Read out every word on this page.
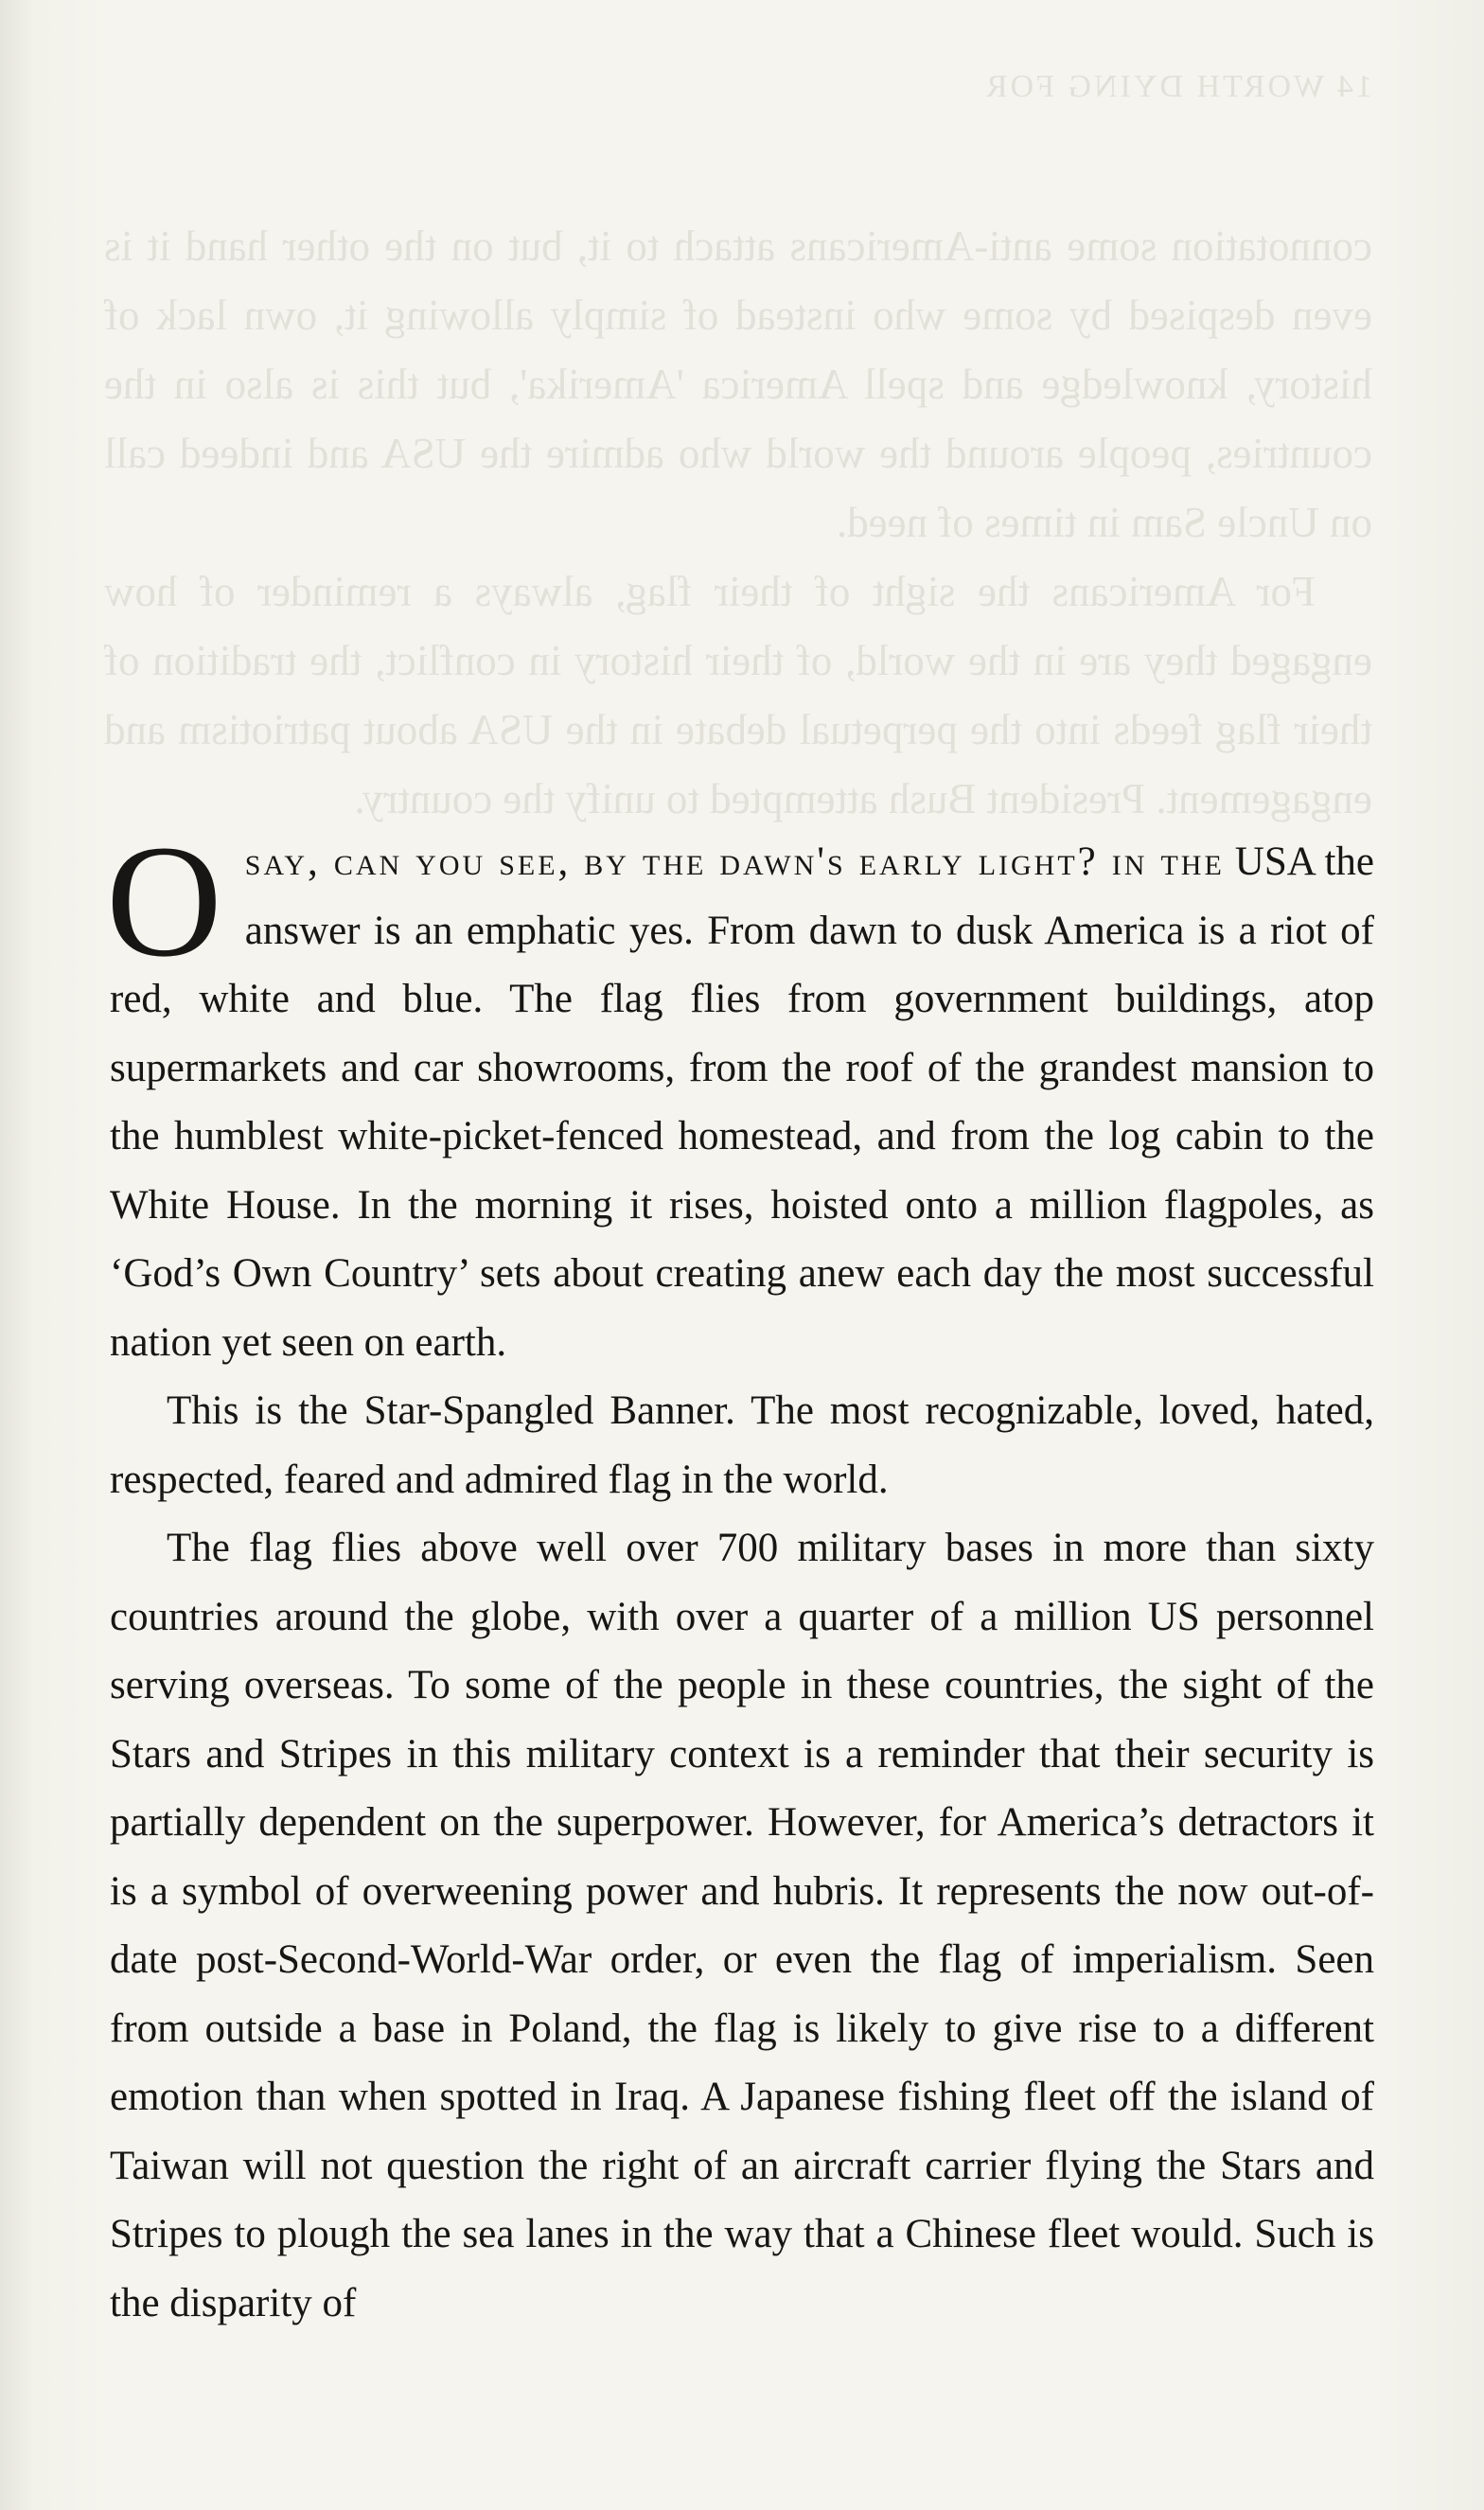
14 WORTH DYING FOR

connotation some anti-Americans attach to it, but on the other hand it is even despised by some who instead of simply allowing it, own lack of history, knowledge and spell America 'Amerika', but this is also in the countries, people around the world who admire the USA and indeed call on Uncle Sam in times of need.

For Americans the sight of their flag, always a reminder of how engaged they are in the world, of their history in conflict, the tradition of their flag feeds into the perpetual debate in the USA about patriotism and engagement. President Bush attempted to unify the country.

Osay, can you see, by the dawn's early light? in the USA the answer is an emphatic yes. From dawn to dusk America is a riot of red, white and blue. The flag flies from government buildings, atop supermarkets and car showrooms, from the roof of the grandest mansion to the humblest white-picket-fenced homestead, and from the log cabin to the White House. In the morning it rises, hoisted onto a million flagpoles, as ‘God’s Own Country’ sets about creating anew each day the most successful nation yet seen on earth.

This is the Star-Spangled Banner. The most recognizable, loved, hated, respected, feared and admired flag in the world.

The flag flies above well over 700 military bases in more than sixty countries around the globe, with over a quarter of a million US personnel serving overseas. To some of the people in these countries, the sight of the Stars and Stripes in this military context is a reminder that their security is partially dependent on the superpower. However, for America’s detractors it is a symbol of overweening power and hubris. It represents the now out-of-date post-Second-World-War order, or even the flag of imperialism. Seen from outside a base in Poland, the flag is likely to give rise to a different emotion than when spotted in Iraq. A Japanese fishing fleet off the island of Taiwan will not question the right of an aircraft carrier flying the Stars and Stripes to plough the sea lanes in the way that a Chinese fleet would. Such is the disparity of
